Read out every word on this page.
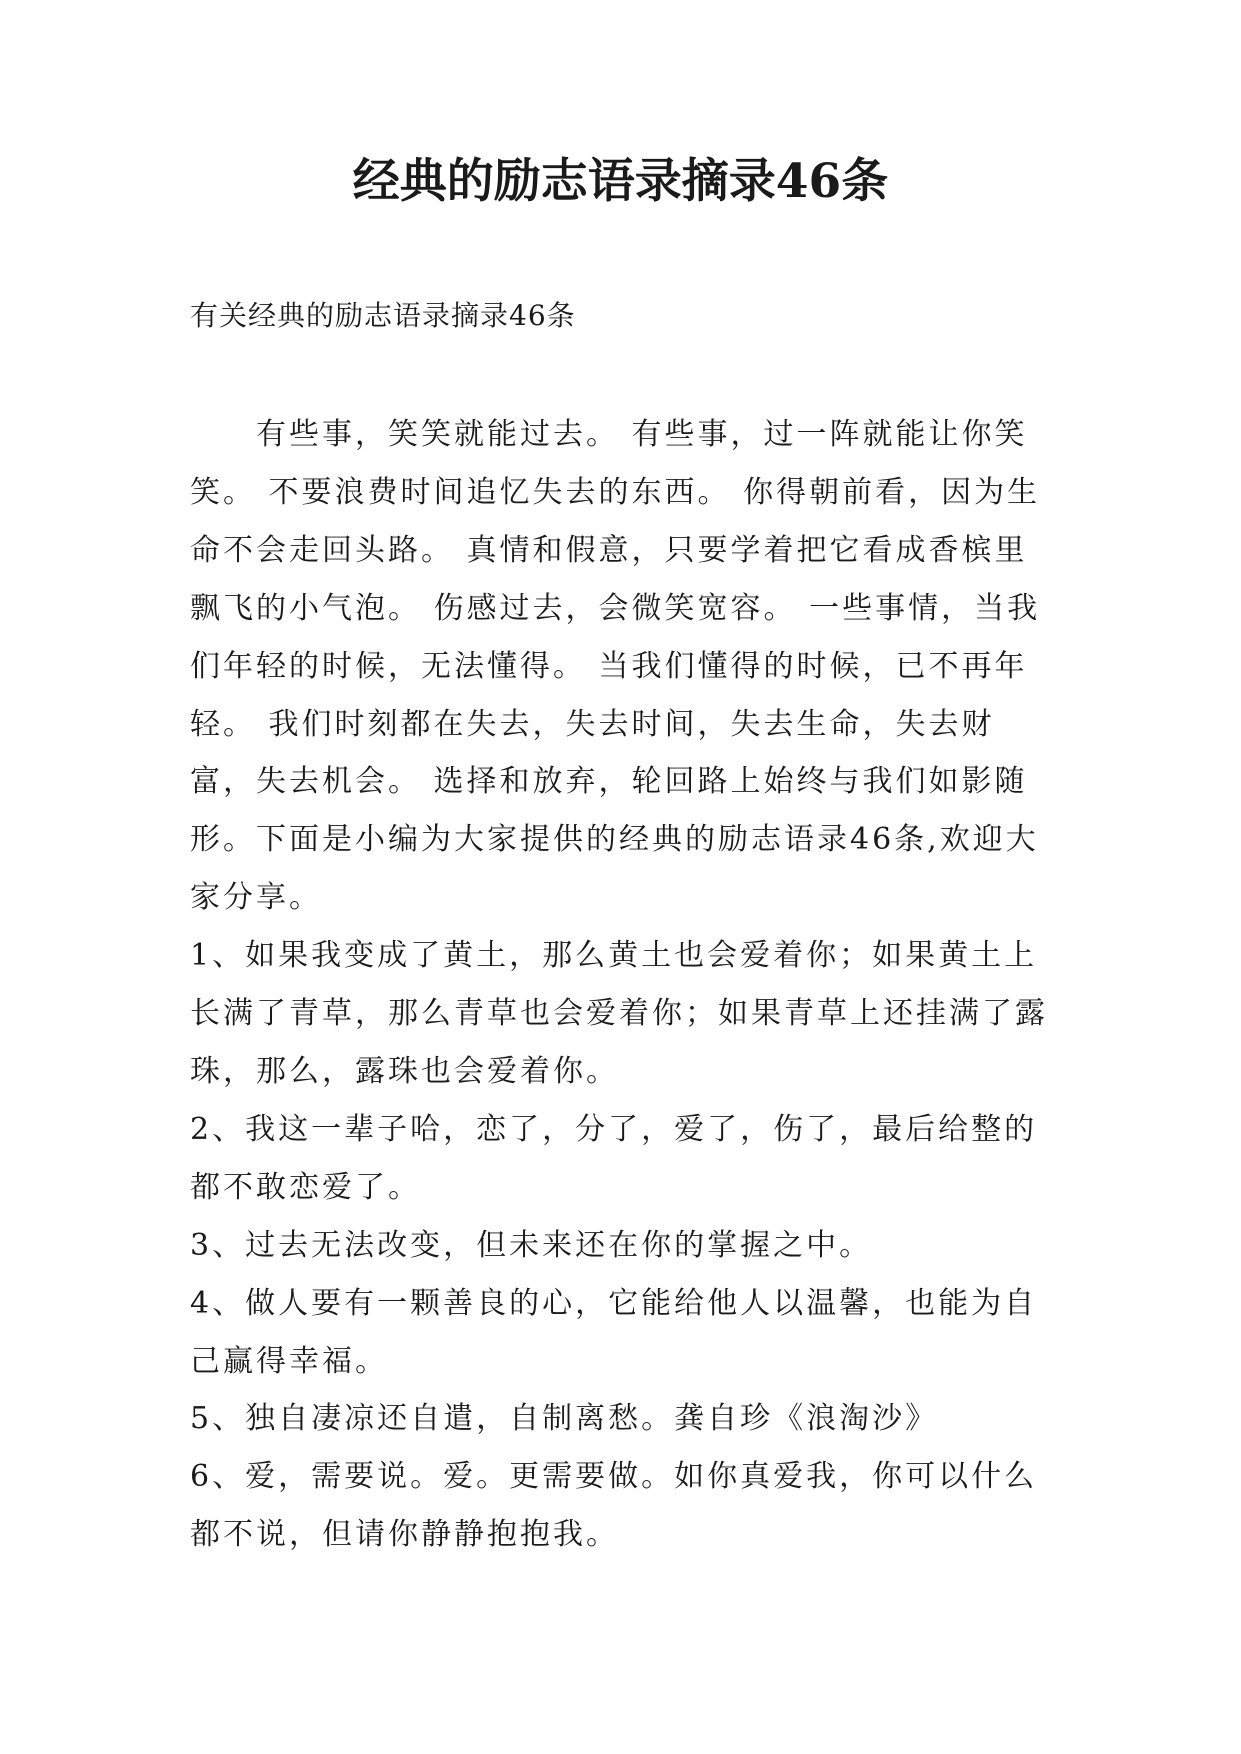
经典的励志语录摘录46条

有关经典的励志语录摘录46条

有些事，笑笑就能过去。 有些事，过一阵就能让你笑笑。 不要浪费时间追忆失去的东西。 你得朝前看，因为生命不会走回头路。 真情和假意，只要学着把它看成香槟里飘飞的小气泡。 伤感过去，会微笑宽容。 一些事情，当我们年轻的时候，无法懂得。 当我们懂得的时候，已不再年轻。 我们时刻都在失去，失去时间，失去生命，失去财富，失去机会。 选择和放弃，轮回路上始终与我们如影随形。下面是小编为大家提供的经典的励志语录46条,欢迎大家分享。

1、如果我变成了黄土，那么黄土也会爱着你；如果黄土上长满了青草，那么青草也会爱着你；如果青草上还挂满了露珠，那么，露珠也会爱着你。

2、我这一辈子哈，恋了，分了，爱了，伤了，最后给整的都不敢恋爱了。

3、过去无法改变，但未来还在你的掌握之中。

4、做人要有一颗善良的心，它能给他人以温馨，也能为自己赢得幸福。

5、独自凄凉还自遣，自制离愁。龚自珍《浪淘沙》

6、爱，需要说。爱。更需要做。如你真爱我，你可以什么都不说，但请你静静抱抱我。
